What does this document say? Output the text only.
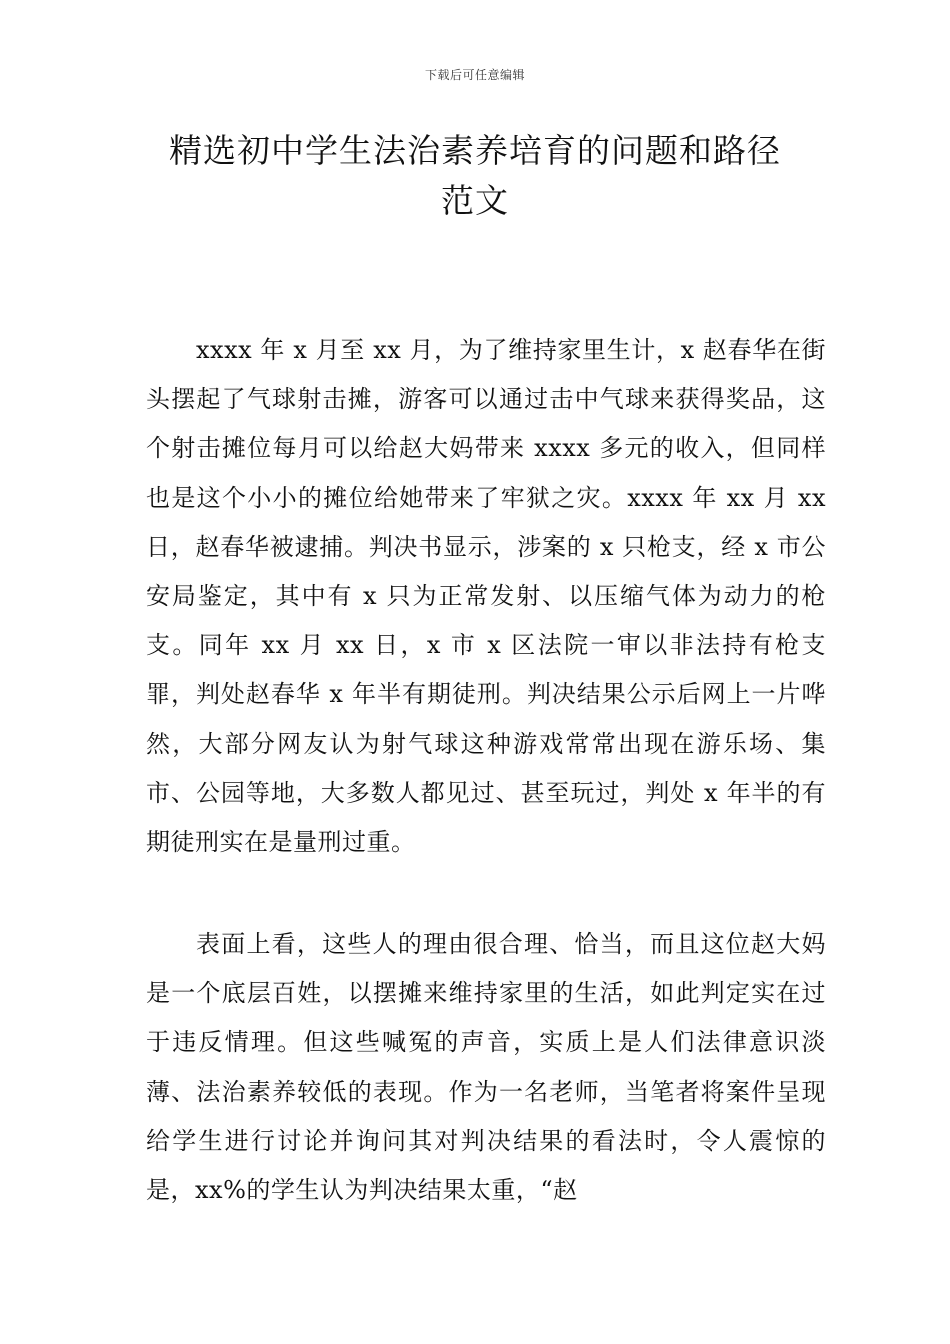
下载后可任意编辑
精选初中学生法治素养培育的问题和路径
范文

xxxx 年 x 月至 xx 月，为了维持家里生计，x 赵春华在街头摆起了气球射击摊，游客可以通过击中气球来获得奖品，这个射击摊位每月可以给赵大妈带来 xxxx 多元的收入，但同样也是这个小小的摊位给她带来了牢狱之灾。xxxx 年 xx 月 xx 日，赵春华被逮捕。判决书显示，涉案的 x 只枪支，经 x 市公安局鉴定，其中有 x 只为正常发射、以压缩气体为动力的枪支。同年 xx 月 xx 日，x 市 x 区法院一审以非法持有枪支罪，判处赵春华 x 年半有期徒刑。判决结果公示后网上一片哗然，大部分网友认为射气球这种游戏常常出现在游乐场、集市、公园等地，大多数人都见过、甚至玩过，判处 x 年半的有期徒刑实在是量刑过重。

表面上看，这些人的理由很合理、恰当，而且这位赵大妈是一个底层百姓，以摆摊来维持家里的生活，如此判定实在过于违反情理。但这些喊冤的声音，实质上是人们法律意识淡薄、法治素养较低的表现。作为一名老师，当笔者将案件呈现给学生进行讨论并询问其对判决结果的看法时，令人震惊的是，xx%的学生认为判决结果太重，“赵
